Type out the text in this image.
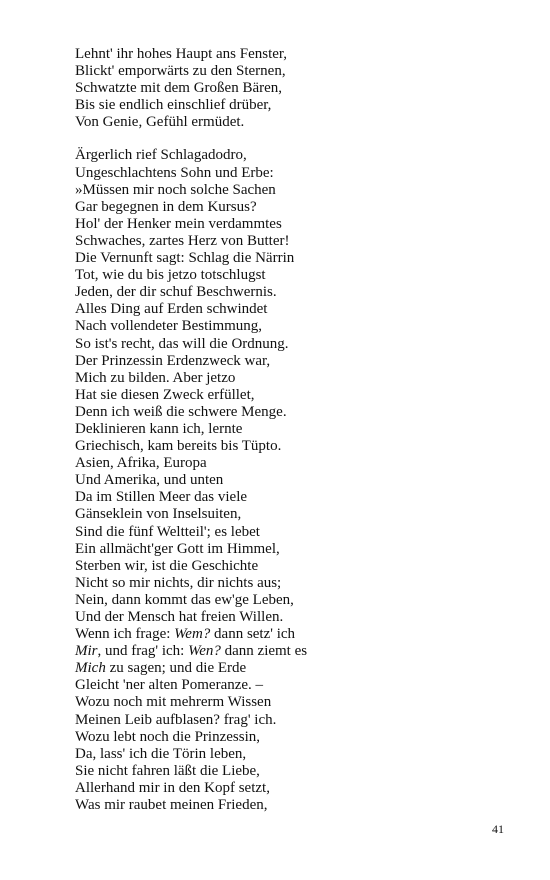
Lehnt' ihr hohes Haupt ans Fenster,
Blickt' emporwärts zu den Sternen,
Schwatzte mit dem Großen Bären,
Bis sie endlich einschlief drüber,
Von Genie, Gefühl ermüdet.
Ärgerlich rief Schlagadodro,
Ungeschlachtens Sohn und Erbe:
»Müssen mir noch solche Sachen
Gar begegnen in dem Kursus?
Hol' der Henker mein verdammtes
Schwaches, zartes Herz von Butter!
Die Vernunft sagt: Schlag die Närrin
Tot, wie du bis jetzo totschlugst
Jeden, der dir schuf Beschwernis.
Alles Ding auf Erden schwindet
Nach vollendeter Bestimmung,
So ist's recht, das will die Ordnung.
Der Prinzessin Erdenzweck war,
Mich zu bilden. Aber jetzo
Hat sie diesen Zweck erfüllet,
Denn ich weiß die schwere Menge.
Deklinieren kann ich, lernte
Griechisch, kam bereits bis Tüpto.
Asien, Afrika, Europa
Und Amerika, und unten
Da im Stillen Meer das viele
Gänseklein von Inselsuiten,
Sind die fünf Weltteil'; es lebet
Ein allmächt'ger Gott im Himmel,
Sterben wir, ist die Geschichte
Nicht so mir nichts, dir nichts aus;
Nein, dann kommt das ew'ge Leben,
Und der Mensch hat freien Willen.
Wenn ich frage: Wem? dann setz' ich
Mir, und frag' ich: Wen? dann ziemt es
Mich zu sagen; und die Erde
Gleicht 'ner alten Pomeranze. –
Wozu noch mit mehrerm Wissen
Meinen Leib aufblasen? frag' ich.
Wozu lebt noch die Prinzessin,
Da, lass' ich die Törin leben,
Sie nicht fahren läßt die Liebe,
Allerhand mir in den Kopf setzt,
Was mir raubet meinen Frieden,
41
